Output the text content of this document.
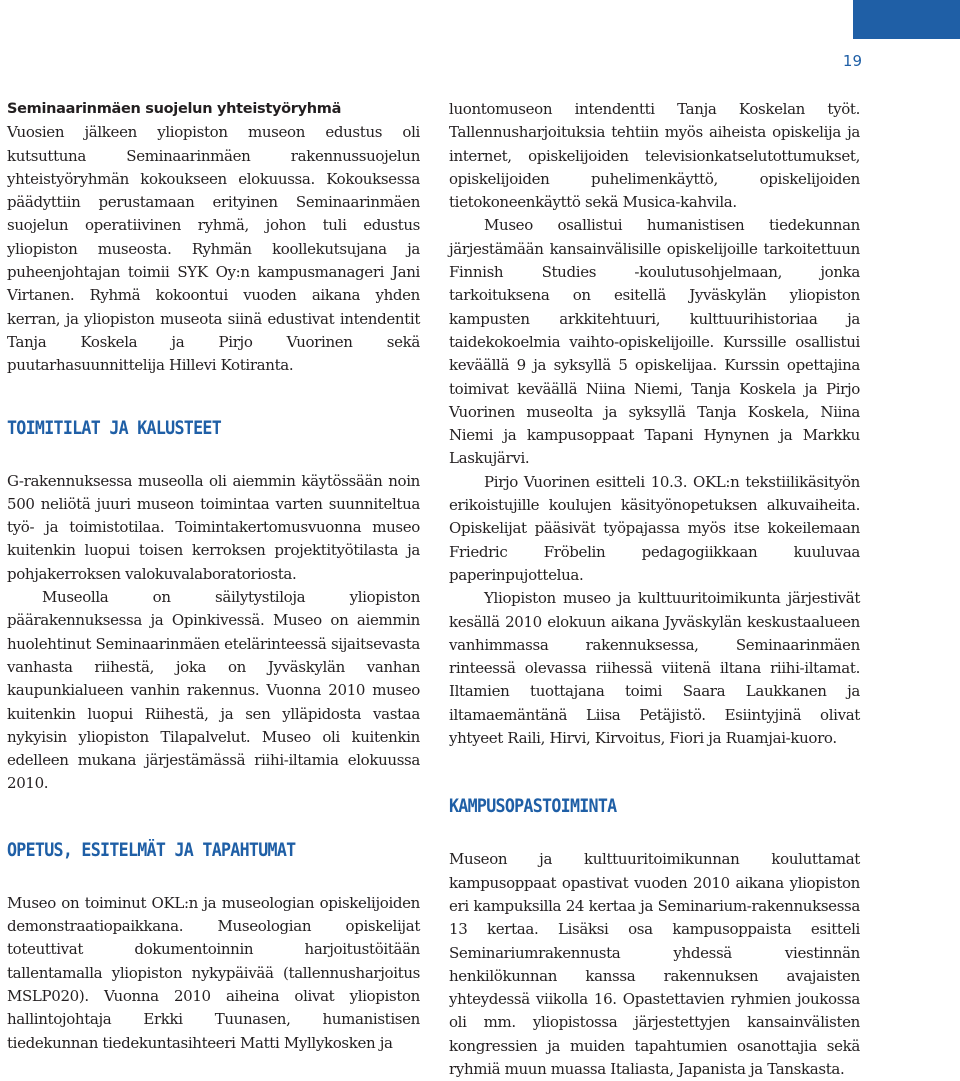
19
Seminaarinmäen suojelun yhteistyöryhmä

Vuosien jälkeen yliopiston museon edustus oli kutsuttuna Seminaarinmäen rakennussuojelun yhteistyöryhmän kokoukseen elokuussa. Kokouksessa päädyttiin perustamaan erityinen Seminaarinmäen suojelun operatiivinen ryhmä, johon tuli edustus yliopiston museosta. Ryhmän koollekutsujana ja puheenjohtajan toimii SYK Oy:n kampusmanageri Jani Virtanen. Ryhmä kokoontui vuoden aikana yhden kerran, ja yliopiston museota siinä edustivat intendentit Tanja Koskela ja Pirjo Vuorinen sekä puutarhasuunnittelija Hillevi Kotiranta.

TOIMITILAT JA KALUSTEET

G-rakennuksessa museolla oli aiemmin käytössään noin 500 neliötä juuri museon toimintaa varten suunniteltua työ- ja toimistotilaa. Toimintakertomusvuonna museo kuitenkin luopui toisen kerroksen projektityötilasta ja pohjakerroksen valokuvalaboratoriosta.

Museolla on säilytystiloja yliopiston päärakennuksessa ja Opinkivessä. Museo on aiemmin huolehtinut Seminaarinmäen etelärinteessä sijaitsevasta vanhasta riihestä, joka on Jyväskylän vanhan kaupunkialueen vanhin rakennus. Vuonna 2010 museo kuitenkin luopui Riihestä, ja sen ylläpidosta vastaa nykyisin yliopiston Tilapalvelut. Museo oli kuitenkin edelleen mukana järjestämässä riihi-iltamia elokuussa 2010.

OPETUS, ESITELMÄT JA TAPAHTUMAT

Museo on toiminut OKL:n ja museologian opiskelijoiden demonstraatiopaikkana. Museologian opiskelijat toteuttivat dokumentoinnin harjoitustöitään tallentamalla yliopiston nykypäivää (tallennusharjoitus MSLP020). Vuonna 2010 aiheina olivat yliopiston hallintojohtaja Erkki Tuunasen, humanistisen tiedekunnan tiedekuntasihteeri Matti Myllykosken ja

luontomuseon intendentti Tanja Koskelan työt. Tallennusharjoituksia tehtiin myös aiheista opiskelija ja internet, opiskelijoiden televisionkatselutottumukset, opiskelijoiden puhelimenkäyttö, opiskelijoiden tietokoneenkäyttö sekä Musica-kahvila.

Museo osallistui humanistisen tiedekunnan järjestämään kansainvälisille opiskelijoille tarkoitettuun Finnish Studies -koulutusohjelmaan, jonka tarkoituksena on esitellä Jyväskylän yliopiston kampusten arkkitehtuuri, kulttuurihistoriaa ja taidekokoelmia vaihto-opiskelijoille. Kurssille osallistui keväällä 9 ja syksyllä 5 opiskelijaa. Kurssin opettajina toimivat keväällä Niina Niemi, Tanja Koskela ja Pirjo Vuorinen museolta ja syksyllä Tanja Koskela, Niina Niemi ja kampusoppaat Tapani Hynynen ja Markku Laskujärvi.

Pirjo Vuorinen esitteli 10.3. OKL:n tekstiilikäsityön erikoistujille koulujen käsityönopetuksen alkuvaiheita. Opiskelijat pääsivät työpajassa myös itse kokeilemaan Friedric Fröbelin pedagogiikkaan kuuluvaa paperinpujottelua.

Yliopiston museo ja kulttuuritoimikunta järjestivät kesällä 2010 elokuun aikana Jyväskylän keskustaalueen vanhimmassa rakennuksessa, Seminaarinmäen rinteessä olevassa riihessä viitenä iltana riihi-iltamat. Iltamien tuottajana toimi Saara Laukkanen ja iltamaemäntänä Liisa Petäjistö. Esiintyjinä olivat yhtyeet Raili, Hirvi, Kirvoitus, Fiori ja Ruamjai-kuoro.

KAMPUSOPASTOIMINTA

Museon ja kulttuuritoimikunnan kouluttamat kampusoppaat opastivat vuoden 2010 aikana yliopiston eri kampuksilla 24 kertaa ja Seminarium-rakennuksessa 13 kertaa. Lisäksi osa kampusoppaista esitteli Seminariumrakennusta yhdessä viestinnän henkilökunnan kanssa rakennuksen avajaisten yhteydessä viikolla 16. Opastettavien ryhmien joukossa oli mm. yliopistossa järjestettyjen kansainvälisten kongressien ja muiden tapahtumien osanottajia sekä ryhmiä muun muassa Italiasta, Japanista ja Tanskasta.
